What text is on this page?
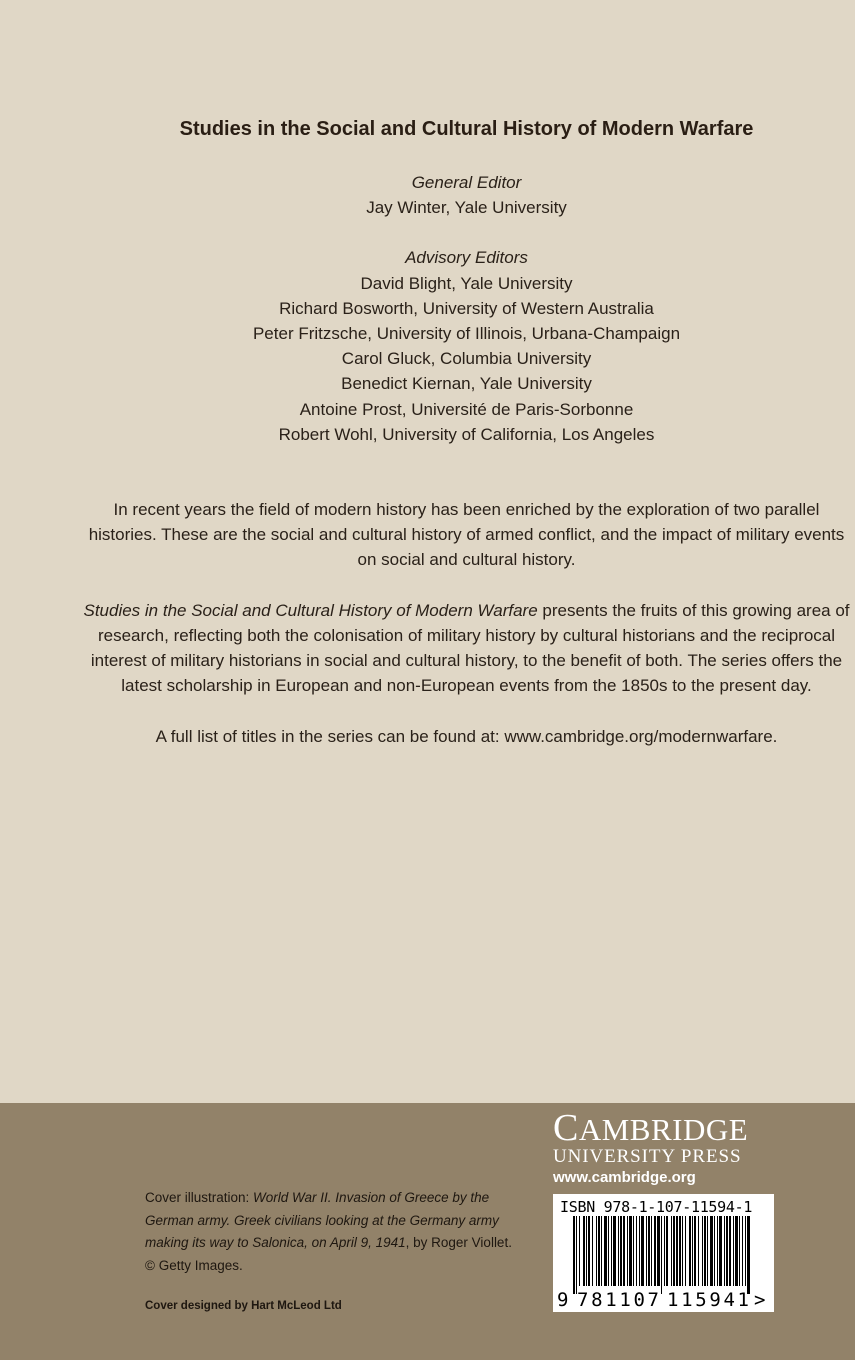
Studies in the Social and Cultural History of Modern Warfare
General Editor
Jay Winter, Yale University
Advisory Editors
David Blight, Yale University
Richard Bosworth, University of Western Australia
Peter Fritzsche, University of Illinois, Urbana-Champaign
Carol Gluck, Columbia University
Benedict Kiernan, Yale University
Antoine Prost, Université de Paris-Sorbonne
Robert Wohl, University of California, Los Angeles

In recent years the field of modern history has been enriched by the exploration of two parallel histories. These are the social and cultural history of armed conflict, and the impact of military events on social and cultural history.

Studies in the Social and Cultural History of Modern Warfare presents the fruits of this growing area of research, reflecting both the colonisation of military history by cultural historians and the reciprocal interest of military historians in social and cultural history, to the benefit of both. The series offers the latest scholarship in European and non-European events from the 1850s to the present day.

A full list of titles in the series can be found at: www.cambridge.org/modernwarfare.

Cover illustration: World War II. Invasion of Greece by the German army. Greek civilians looking at the Germany army making its way to Salonica, on April 9, 1941, by Roger Viollet.
© Getty Images.
Cover designed by Hart McLeod Ltd
CAMBRIDGE
UNIVERSITY PRESS
www.cambridge.org
ISBN 978-1-107-11594-1
9 781107 115941 >
